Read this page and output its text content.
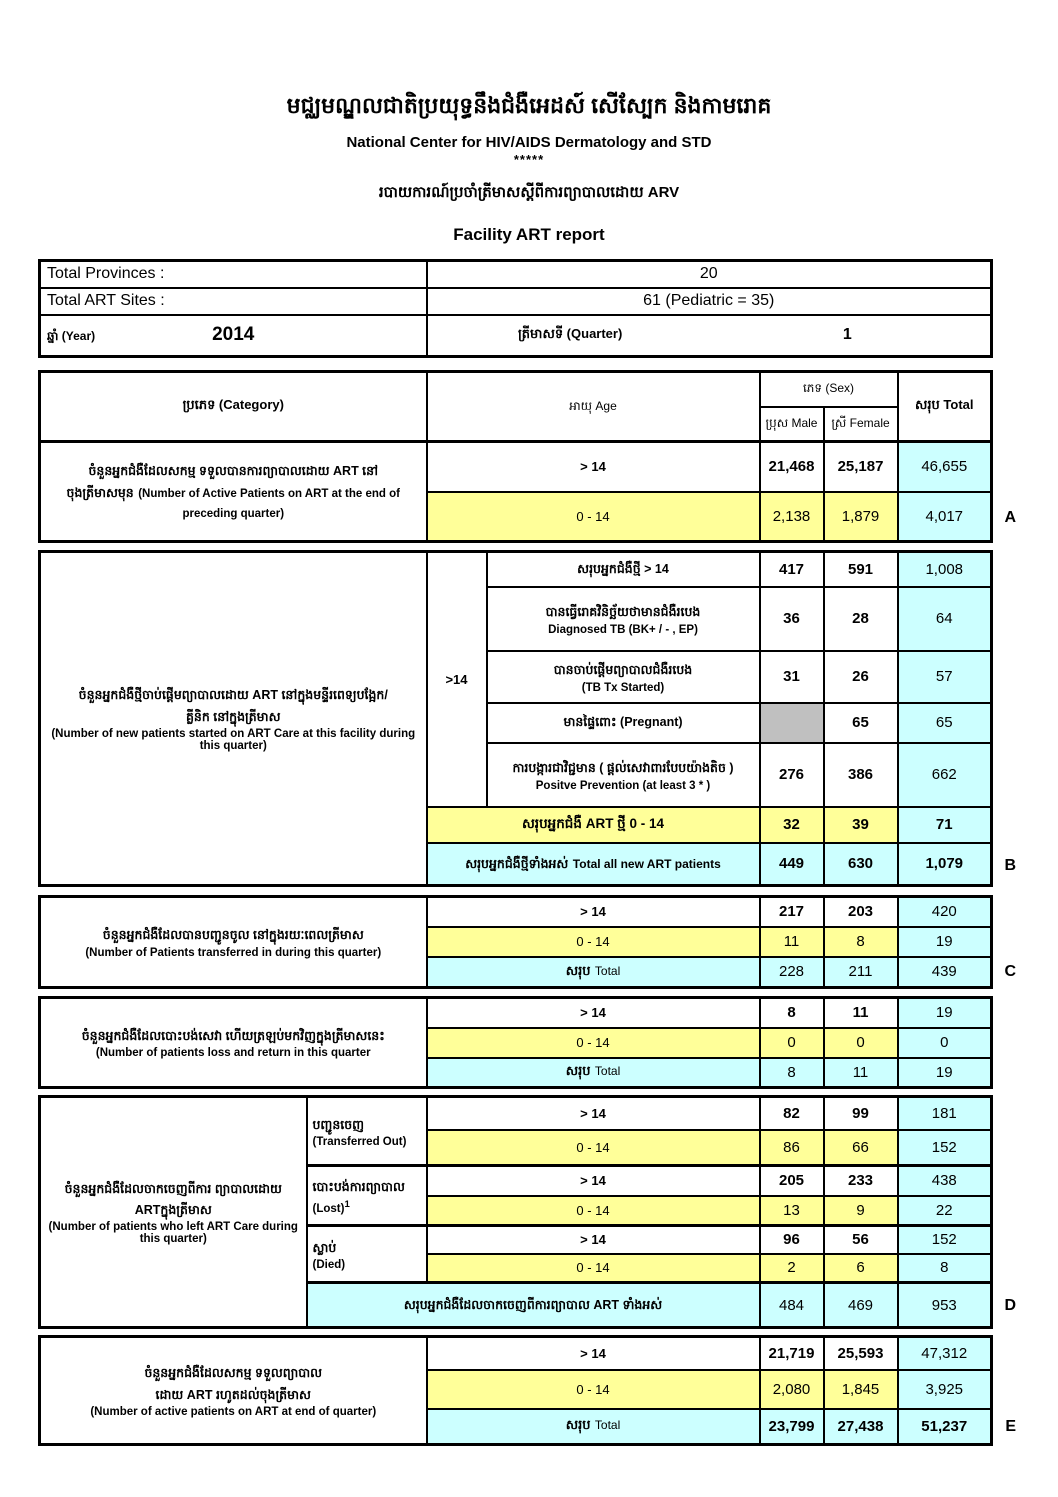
មជ្ឈមណ្ឌលជាតិប្រយុទ្ធនឹងជំងឺអេដស៍ សើស្បែក និងកាមរោគ
National Center for HIV/AIDS Dermatology and STD
*****
របាយការណ៍ប្រចាំត្រីមាសស្តីពីការព្យាបាលដោយ ARV
Facility ART report
Total Provinces :	20
Total ART Sites :	61 (Pediatric = 35)

ឆ្នាំ (Year)	2014	ត្រីមាសទី (Quarter)	1
ប្រភេទ (Category)	អាយុ Age	ភេទ (Sex)		សរុប Total
		ប្រុស Male	ស្រី Female	

ចំនួនអ្នកជំងឺដែលសកម្ម ទទួលបានការព្យាបាលដោយ ART នៅ
ចុងត្រីមាសមុន (Number of Active Patients on ART at the end of preceding quarter)	> 14	21,468	25,187	46,655
	0 - 14	2,138	1,879	4,017	A
ចំនួនអ្នកជំងឺថ្មីចាប់ផ្តើមព្យាបាលដោយ ART នៅក្នុងមន្ទីរពេទ្យបង្អែក/
គ្លីនិក នៅក្នុងត្រីមាស
(Number of new patients started on ART Care at this facility during this quarter)	>14	សរុបអ្នកជំងឺថ្មី > 14	417	591	1,008

		បានធ្វើរោគវិនិច្ឆ័យថាមានជំងឺរបេង
Diagnosed TB (BK+ / - , EP)	36	28	64

		បានចាប់ផ្តើមព្យាបាលជំងឺរបេង
(TB Tx Started)	31	26	57
		មានផ្ទៃពោះ (Pregnant)		65	65

		ការបង្ការជាវិជ្ជមាន ( ផ្តល់សេវាពារបែបយ៉ាងតិច )
Positve Prevention (at least 3 * )	276	386	662
	សរុបអ្នកជំងឺ ART ថ្មី 0 - 14		32	39	71
	សរុបអ្នកជំងឺថ្មីទាំងអស់ Total all new ART patients		449	630	1,079	B
ចំនួនអ្នកជំងឺដែលបានបញ្ជូនចូល នៅក្នុងរយៈពេលត្រីមាស
(Number of Patients transferred in during this quarter)	> 14	217	203	420
	0 - 14	11	8	19
	សរុប Total	228	211	439	C
ចំនួនអ្នកជំងឺដែលបោះបង់សេវា ហើយត្រឡប់មកវិញក្នុងត្រីមាសនេះ
(Number of patients loss and return in this quarter	> 14	8	11	19
	0 - 14	0	0	0
	សរុប Total	8	11	19
ចំនួនអ្នកជំងឺដែលចាកចេញពីការ ព្យាបាលដោយ
ARTក្នុងត្រីមាស
(Number of patients who left ART Care during this quarter)

បញ្ជូនចេញ
(Transferred Out)
	> 14	82	99	181
		0 - 14	86	66	152

	បោះបង់ការព្យាបាល
(Lost)$^1$	> 14	205	233	438
		0 - 14	13	9	22

	ស្លាប់
(Died)	> 14	96	56	152
		0 - 14	2	6	8
	សរុបអ្នកជំងឺដែលចាកចេញពីការព្យាបាល ART ទាំងអស់		484	469	953	D
ចំនួនអ្នកជំងឺដែលសកម្ម ទទួលព្យាបាល
ដោយ ART រហូតដល់ចុងត្រីមាស
(Number of active patients on ART at end of quarter)	> 14	21,719	25,593	47,312
	0 - 14	2,080	1,845	3,925
	សរុប Total	23,799	27,438	51,237 E
